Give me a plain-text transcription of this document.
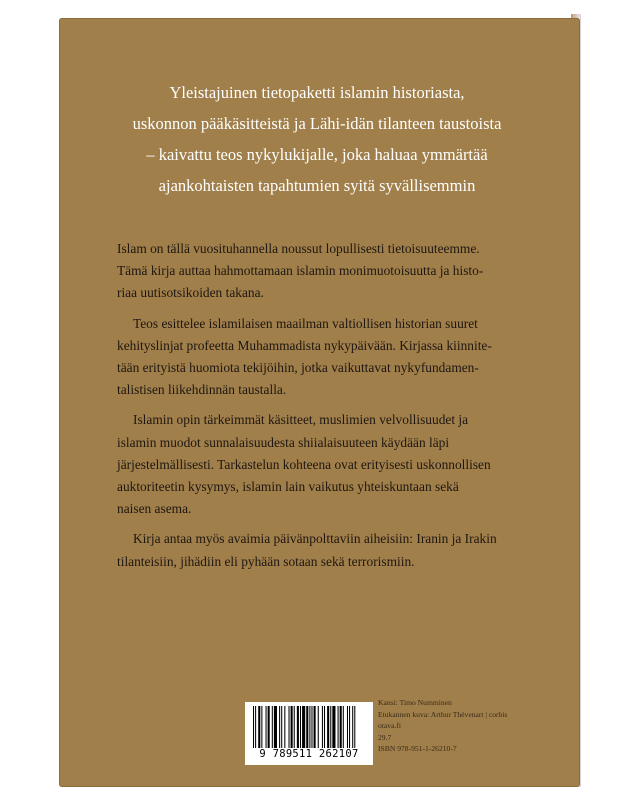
Yleistajuinen tietopaketti islamin historiasta,
uskonnon pääkäsitteistä ja Lähi-idän tilanteen taustoista
– kaivattu teos nykylukijalle, joka haluaa ymmärtää
ajankohtaisten tapahtumien syitä syvällisemmin

Islam on tällä vuosituhannella noussut lopullisesti tietoisuuteemme.
Tämä kirja auttaa hahmottamaan islamin monimuotoisuutta ja histo-
riaa uutisotsikoiden takana.

Teos esittelee islamilaisen maailman valtiollisen historian suuret
kehityslinjat profeetta Muhammadista nykypäivään. Kirjassa kiinnite-
tään erityistä huomiota tekijöihin, jotka vaikuttavat nykyfundamen-
talistisen liikehdinnän taustalla.

Islamin opin tärkeimmät käsitteet, muslimien velvollisuudet ja
islamin muodot sunnalaisuudesta shiialaisuuteen käydään läpi
järjestelmällisesti. Tarkastelun kohteena ovat erityisesti uskonnollisen
auktoriteetin kysymys, islamin lain vaikutus yhteiskuntaan sekä
naisen asema.

Kirja antaa myös avaimia päivänpolttaviin aiheisiin: Iranin ja Irakin
tilanteisiin, jihädiin eli pyhään sotaan sekä terrorismiin.

9 789511 262107
Kansi: Timo Numminen
Etukannen kuva: Arthur Thévenart | corbis
otava.fi
29.7
ISBN 978-951-1-26210-7
